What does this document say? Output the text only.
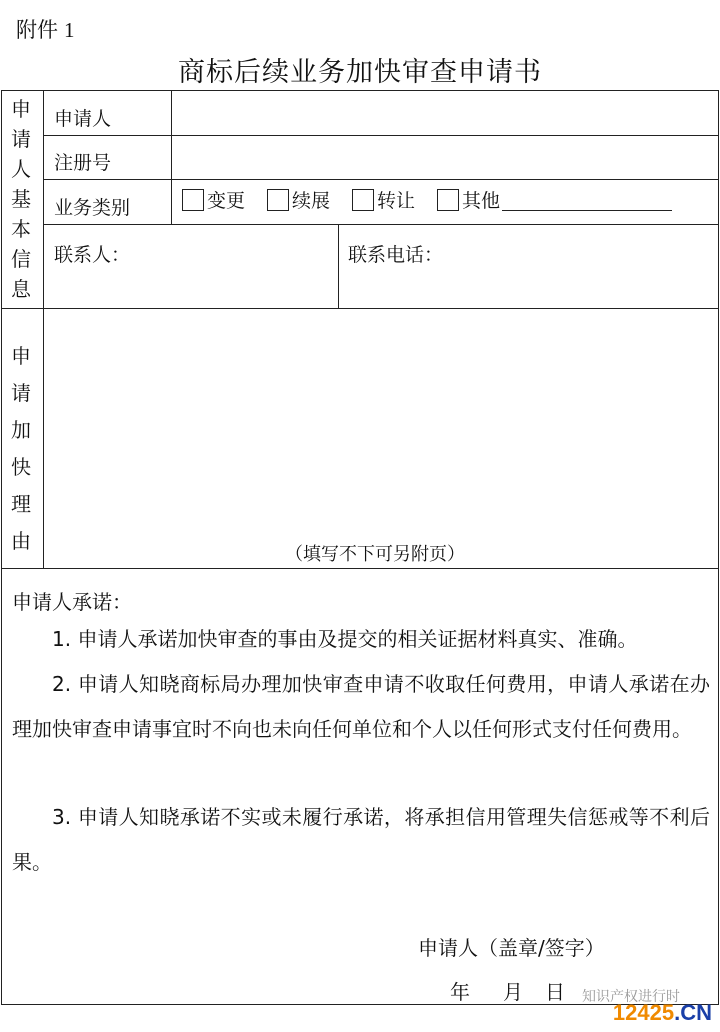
附件 1
商标后续业务加快审查申请书
申
请
人
基
本
信
息
申请人
注册号
业务类别	变更 续展 转让 其他
联系人：	联系电话：
申
请
加
快
理
由
（填写不下可另附页）
申请人承诺：
1. 申请人承诺加快审查的事由及提交的相关证据材料真实、准确。
2. 申请人知晓商标局办理加快审查申请不收取任何费用，申请人承诺在办理加快审查申请事宜时不向也未向任何单位和个人以任何形式支付任何费用。
3. 申请人知晓承诺不实或未履行承诺，将承担信用管理失信惩戒等不利后果。
申请人（盖章/签字）
年 月 日 知识产权进行时
12425.CN
